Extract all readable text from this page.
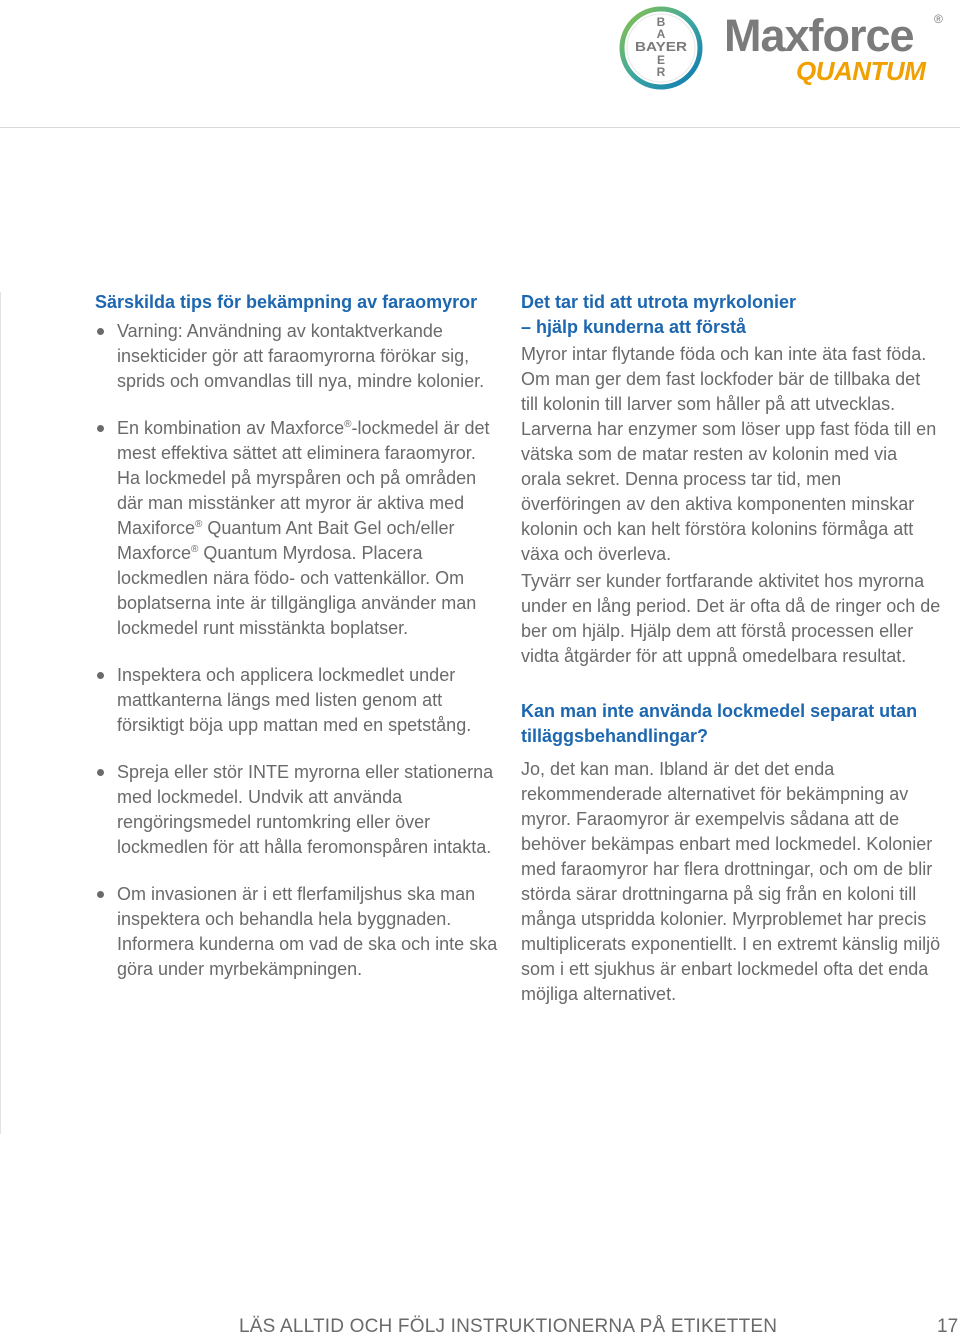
B
A
BAYER
E
R
Maxforce ®
QUANTUM
Särskilda tips för bekämpning av faraomyror
Varning: Användning av kontaktverkande insekticider gör att faraomyrorna förökar sig, sprids och omvandlas till nya, mindre kolonier.
En kombination av Maxforce®-lockmedel är det mest effektiva sättet att eliminera faraomyror. Ha lockmedel på myrspåren och på områden där man misstänker att myror är aktiva med Maxiforce® Quantum Ant Bait Gel och/eller Maxforce® Quantum Myrdosa. Placera lockmedlen nära födo- och vattenkällor. Om boplatserna inte är tillgängliga använder man lockmedel runt misstänkta boplatser.
Inspektera och applicera lockmedlet under mattkanterna längs med listen genom att försiktigt böja upp mattan med en spetstång.
Spreja eller stör INTE myrorna eller stationerna med lockmedel. Undvik att använda rengöringsmedel runtomkring eller över lockmedlen för att hålla feromonspåren intakta.
Om invasionen är i ett flerfamiljshus ska man inspektera och behandla hela byggnaden. Informera kunderna om vad de ska och inte ska göra under myrbekämpningen.
Det tar tid att utrota myrkolonier
– hjälp kunderna att förstå

Myror intar flytande föda och kan inte äta fast föda. Om man ger dem fast lockfoder bär de tillbaka det till kolonin till larver som håller på att utvecklas. Larverna har enzymer som löser upp fast föda till en vätska som de matar resten av kolonin med via orala sekret. Denna process tar tid, men överföringen av den aktiva komponenten minskar kolonin och kan helt förstöra kolonins förmåga att växa och överleva.

Tyvärr ser kunder fortfarande aktivitet hos myrorna under en lång period. Det är ofta då de ringer och de ber om hjälp. Hjälp dem att förstå processen eller vidta åtgärder för att uppnå omedelbara resultat.

Kan man inte använda lockmedel separat utan tilläggsbehandlingar?

Jo, det kan man. Ibland är det det enda rekommenderade alternativet för bekämpning av myror. Faraomyror är exempelvis sådana att de behöver bekämpas enbart med lockmedel. Kolonier med faraomyror har flera drottningar, och om de blir störda särar drottningarna på sig från en koloni till många utspridda kolonier. Myrproblemet har precis multiplicerats exponentiellt. I en extremt känslig miljö som i ett sjukhus är enbart lockmedel ofta det enda möjliga alternativet.

LÄS ALLTID OCH FÖLJ INSTRUKTIONERNA PÅ ETIKETTEN	17
